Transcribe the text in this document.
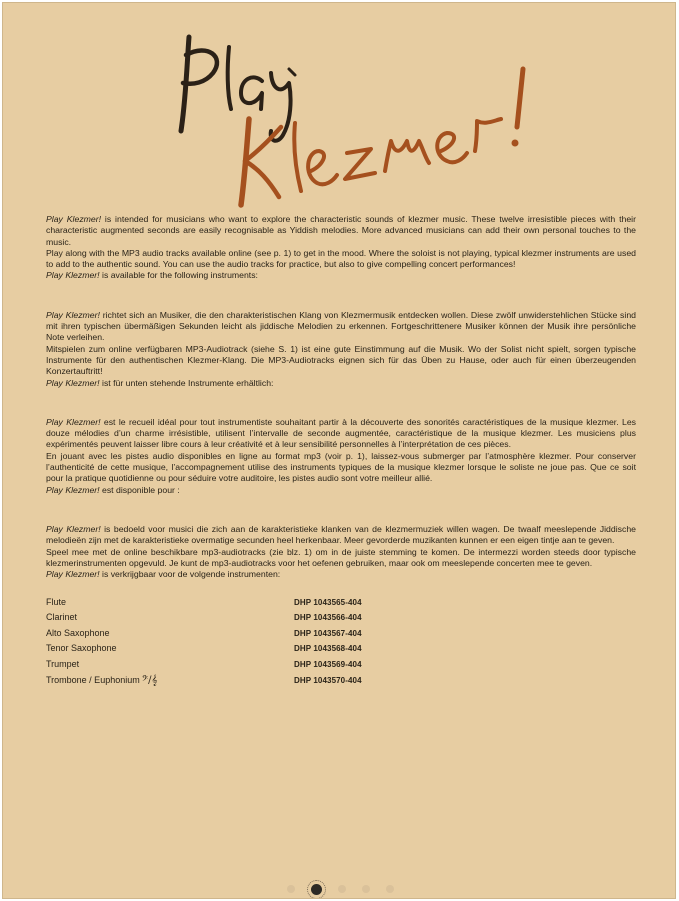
Play Klezmer! is intended for musicians who want to explore the characteristic sounds of klezmer music. These twelve irresistible pieces with their characteristic augmented seconds are easily recognisable as Yiddish melodies. More advanced musicians can add their own personal touches to the music.

Play along with the MP3 audio tracks available online (see p. 1) to get in the mood. Where the soloist is not playing, typical klezmer instruments are used to add to the authentic sound. You can use the audio tracks for practice, but also to give compelling concert performances!

Play Klezmer! is available for the following instruments:

Play Klezmer! richtet sich an Musiker, die den charakteristischen Klang von Klezmermusik entdecken wollen. Diese zwölf unwiderstehlichen Stücke sind mit ihren typischen übermäßigen Sekunden leicht als jiddische Melodien zu erkennen. Fortgeschrittenere Musiker können der Musik ihre persönliche Note verleihen.

Mitspielen zum online verfügbaren MP3-Audiotrack (siehe S. 1) ist eine gute Einstimmung auf die Musik. Wo der Solist nicht spielt, sorgen typische Instrumente für den authentischen Klezmer-Klang. Die MP3-Audiotracks eignen sich für das Üben zu Hause, oder auch für einen überzeugenden Konzertauftritt!

Play Klezmer! ist für unten stehende Instrumente erhältlich:

Play Klezmer! est le recueil idéal pour tout instrumentiste souhaitant partir à la découverte des sonorités caractéristiques de la musique klezmer. Les douze mélodies d’un charme irrésistible, utilisent l’intervalle de seconde augmentée, caractéristique de la musique klezmer. Les musiciens plus expérimentés peuvent laisser libre cours à leur créativité et à leur sensibilité personnelles à l’interprétation de ces pièces.

En jouant avec les pistes audio disponibles en ligne au format mp3 (voir p. 1), laissez-vous submerger par l’atmosphère klezmer. Pour conserver l’authenticité de cette musique, l’accompagnement utilise des instruments typiques de la musique klezmer lorsque le soliste ne joue pas. Que ce soit pour la pratique quotidienne ou pour séduire votre auditoire, les pistes audio sont votre meilleur allié.

Play Klezmer! est disponible pour :

Play Klezmer! is bedoeld voor musici die zich aan de karakteristieke klanken van de klezmermuziek willen wagen. De twaalf meeslepende Jiddische melodieën zijn met de karakteristieke overmatige secunden heel herkenbaar. Meer gevorderde muzikanten kunnen er een eigen tintje aan te geven.

Speel mee met de online beschikbare mp3-audiotracks (zie blz. 1) om in de juiste stemming te komen. De intermezzi worden steeds door typische klezmerinstrumenten opgevuld. Je kunt de mp3-audiotracks voor het oefenen gebruiken, maar ook om meeslepende concerten mee te geven.

Play Klezmer! is verkrijgbaar voor de volgende instrumenten:

Flute	DHP 1043565-404
Clarinet	DHP 1043566-404
Alto Saxophone	DHP 1043567-404
Tenor Saxophone	DHP 1043568-404
Trumpet	DHP 1043569-404
Trombone / Euphonium 𝄢/𝄞	DHP 1043570-404
